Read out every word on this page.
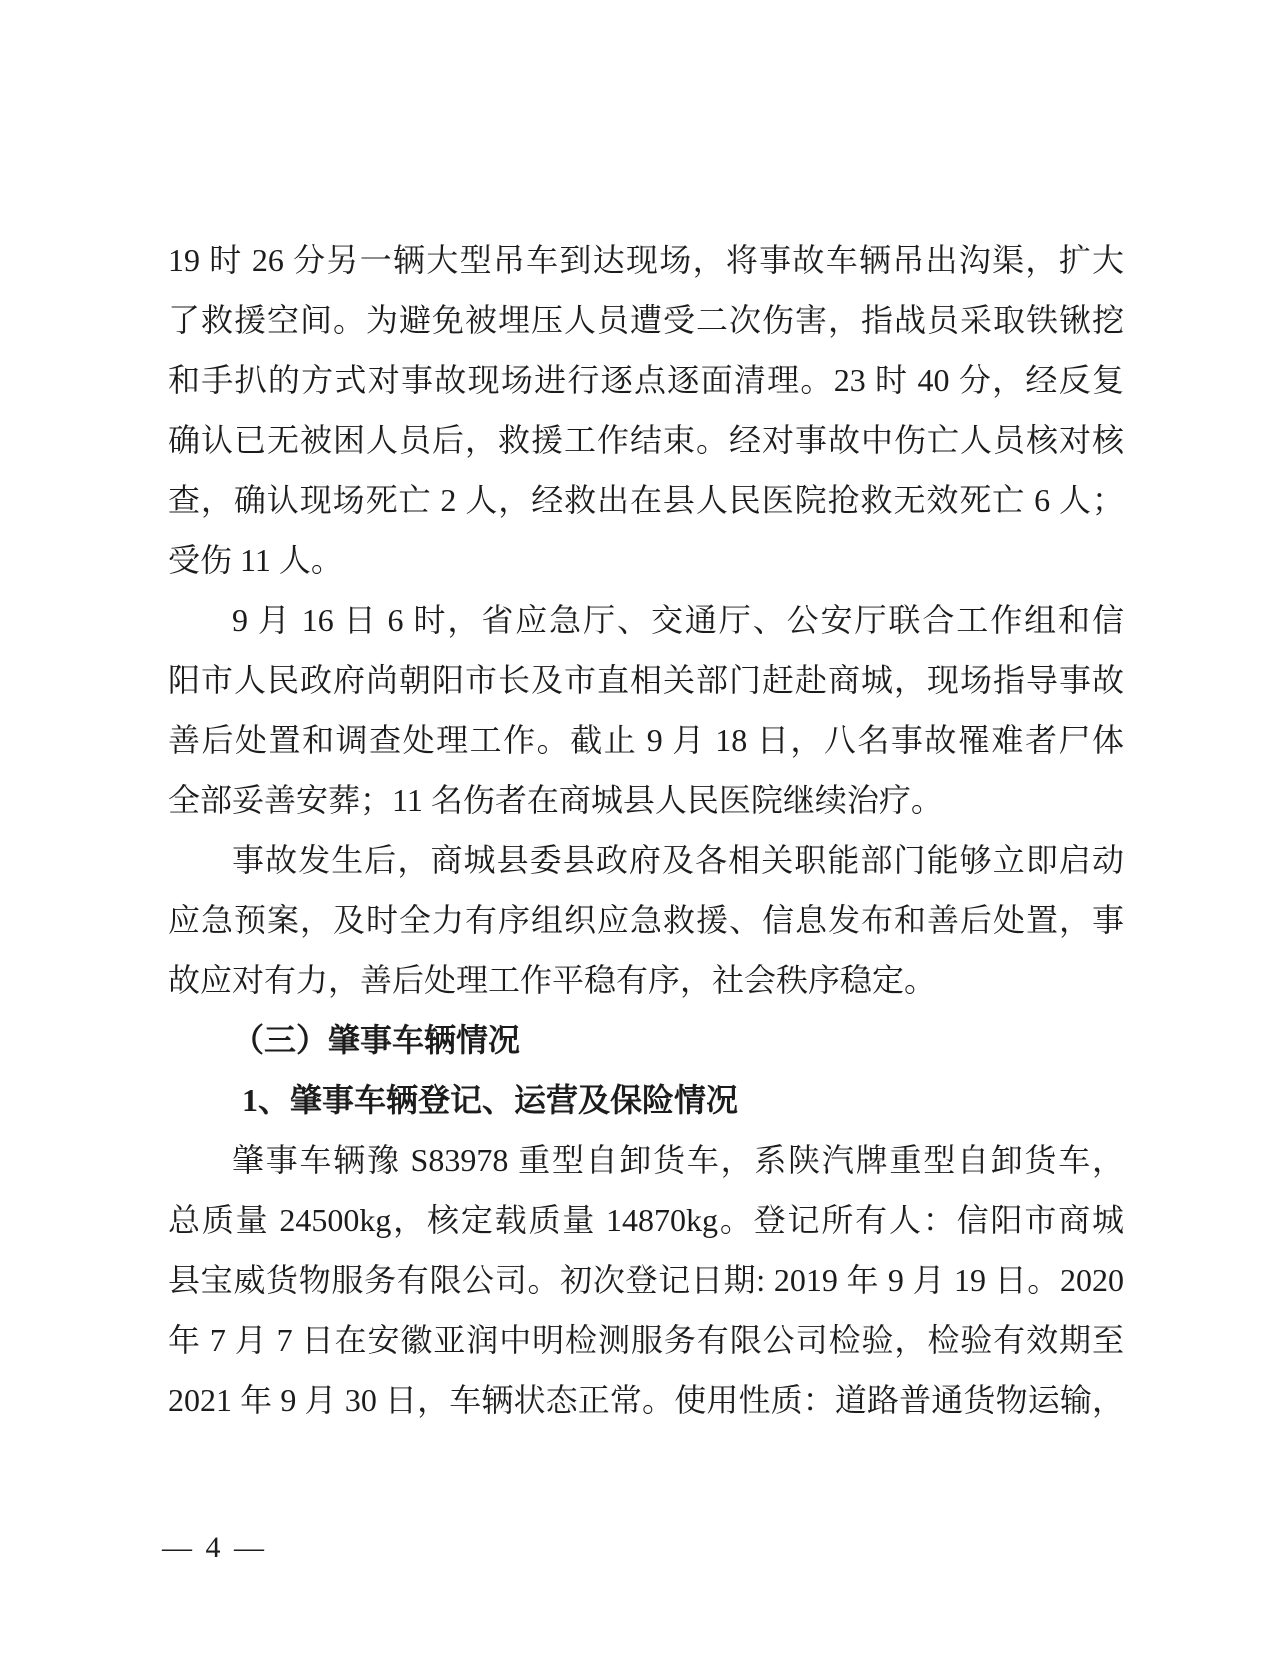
19 时 26 分另一辆大型吊车到达现场，将事故车辆吊出沟渠，扩大
了救援空间。为避免被埋压人员遭受二次伤害，指战员采取铁锹挖
和手扒的方式对事故现场进行逐点逐面清理。23 时 40 分，经反复
确认已无被困人员后，救援工作结束。经对事故中伤亡人员核对核
查，确认现场死亡 2 人，经救出在县人民医院抢救无效死亡 6 人；
受伤 11 人。
9 月 16 日 6 时，省应急厅、交通厅、公安厅联合工作组和信
阳市人民政府尚朝阳市长及市直相关部门赶赴商城，现场指导事故
善后处置和调查处理工作。截止 9 月 18 日，八名事故罹难者尸体
全部妥善安葬；11 名伤者在商城县人民医院继续治疗。
事故发生后，商城县委县政府及各相关职能部门能够立即启动
应急预案，及时全力有序组织应急救援、信息发布和善后处置，事
故应对有力，善后处理工作平稳有序，社会秩序稳定。
（三）肇事车辆情况
1、肇事车辆登记、运营及保险情况
肇事车辆豫 S83978 重型自卸货车，系陕汽牌重型自卸货车，
总质量 24500kg，核定载质量 14870kg。登记所有人：信阳市商城
县宝威货物服务有限公司。初次登记日期: 2019 年 9 月 19 日。2020
年 7 月 7 日在安徽亚润中明检测服务有限公司检验，检验有效期至
2021 年 9 月 30 日，车辆状态正常。使用性质：道路普通货物运输，
— 4 —
